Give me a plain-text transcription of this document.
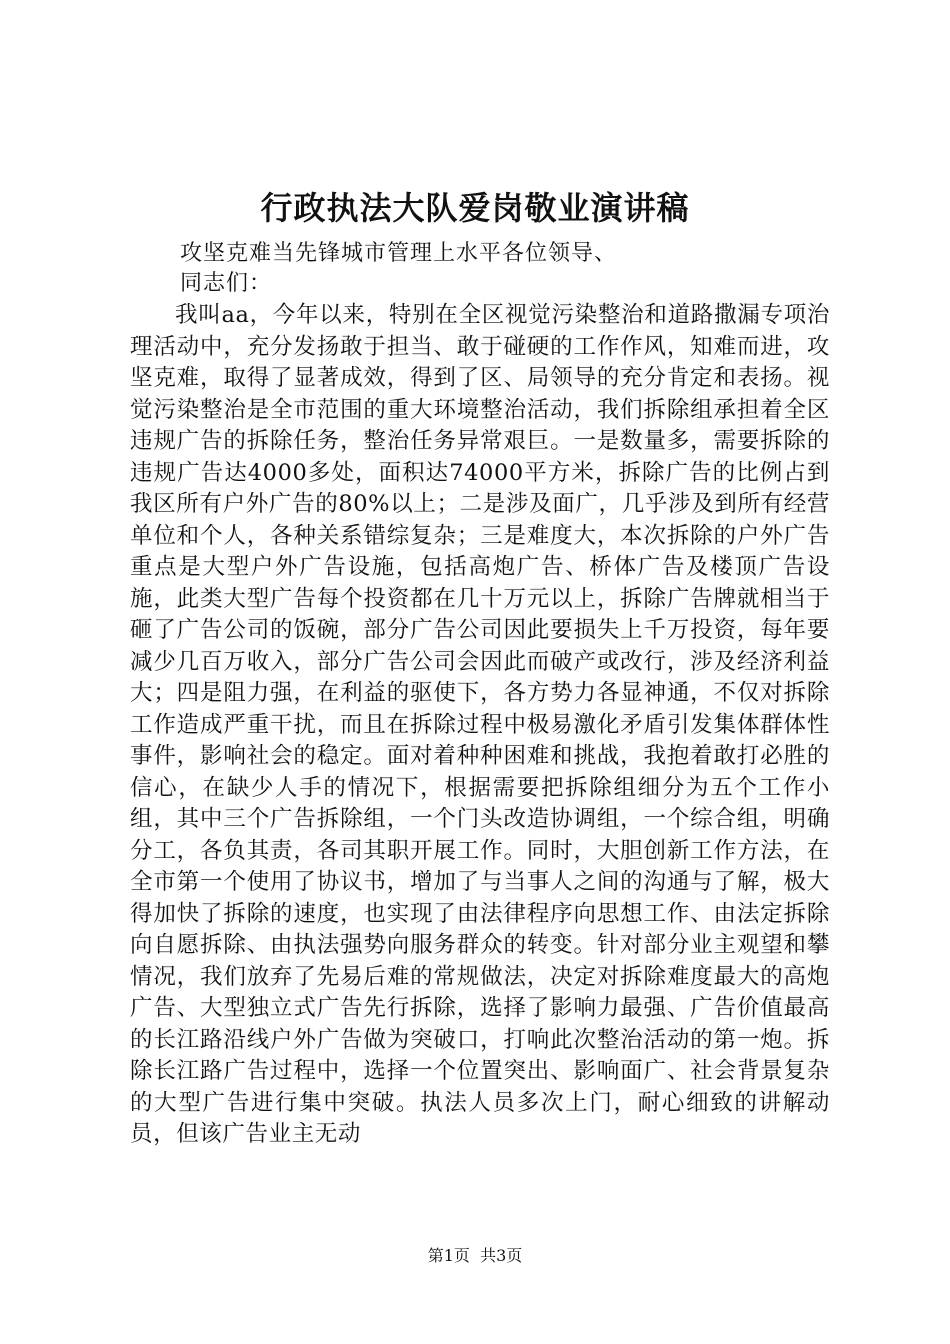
行政执法大队爱岗敬业演讲稿

攻坚克难当先锋城市管理上水平各位领导、

同志们：

我叫aa，今年以来，特别在全区视觉污染整治和道路撒漏专项治理活动中，充分发扬敢于担当、敢于碰硬的工作作风，知难而进，攻坚克难，取得了显著成效，得到了区、局领导的充分肯定和表扬。视觉污染整治是全市范围的重大环境整治活动，我们拆除组承担着全区违规广告的拆除任务，整治任务异常艰巨。一是数量多，需要拆除的违规广告达4000多处，面积达74000平方米，拆除广告的比例占到我区所有户外广告的80%以上；二是涉及面广，几乎涉及到所有经营单位和个人，各种关系错综复杂；三是难度大，本次拆除的户外广告重点是大型户外广告设施，包括高炮广告、桥体广告及楼顶广告设施，此类大型广告每个投资都在几十万元以上，拆除广告牌就相当于砸了广告公司的饭碗，部分广告公司因此要损失上千万投资，每年要减少几百万收入，部分广告公司会因此而破产或改行，涉及经济利益大；四是阻力强，在利益的驱使下，各方势力各显神通，不仅对拆除工作造成严重干扰，而且在拆除过程中极易激化矛盾引发集体群体性事件，影响社会的稳定。面对着种种困难和挑战，我抱着敢打必胜的信心，在缺少人手的情况下，根据需要把拆除组细分为五个工作小组，其中三个广告拆除组，一个门头改造协调组，一个综合组，明确分工，各负其责，各司其职开展工作。同时，大胆创新工作方法，在全市第一个使用了协议书，增加了与当事人之间的沟通与了解，极大得加快了拆除的速度，也实现了由法律程序向思想工作、由法定拆除向自愿拆除、由执法强势向服务群众的转变。针对部分业主观望和攀情况，我们放弃了先易后难的常规做法，决定对拆除难度最大的高炮广告、大型独立式广告先行拆除，选择了影响力最强、广告价值最高的长江路沿线户外广告做为突破口，打响此次整治活动的第一炮。拆除长江路广告过程中，选择一个位置突出、影响面广、社会背景复杂的大型广告进行集中突破。执法人员多次上门，耐心细致的讲解动员，但该广告业主无动

第1页  共3页
